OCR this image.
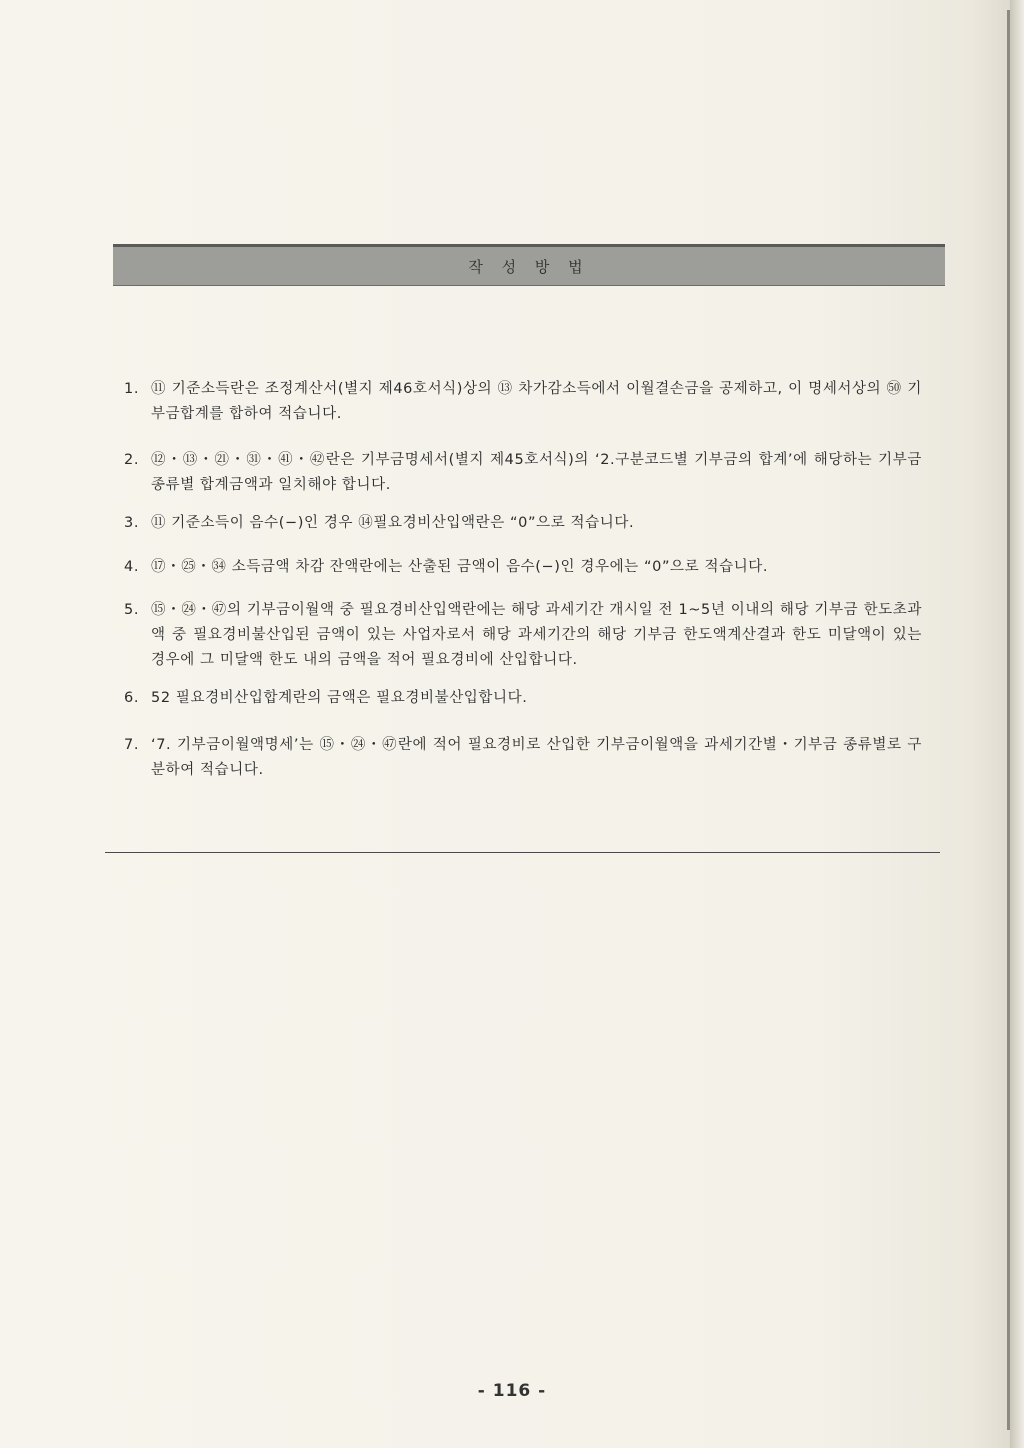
작 성 방 법
1. ⑪ 기준소득란은 조정계산서(별지 제46호서식)상의 ⑬ 차가감소득에서 이월결손금을 공제하고, 이 명세서상의 ㊿ 기부금합계를 합하여 적습니다.
2. ⑫・⑬・㉑・㉛・㊶・㊷란은 기부금명세서(별지 제45호서식)의 ‘2.구분코드별 기부금의 합계’에 해당하는 기부금종류별 합계금액과 일치해야 합니다.
3. ⑪ 기준소득이 음수(−)인 경우 ⑭필요경비산입액란은 “0”으로 적습니다.
4. ⑰・㉕・㉞ 소득금액 차감 잔액란에는 산출된 금액이 음수(−)인 경우에는 “0”으로 적습니다.
5. ⑮・㉔・㊼의 기부금이월액 중 필요경비산입액란에는 해당 과세기간 개시일 전 1~5년 이내의 해당 기부금 한도초과액 중 필요경비불산입된 금액이 있는 사업자로서 해당 과세기간의 해당 기부금 한도액계산결과 한도 미달액이 있는 경우에 그 미달액 한도 내의 금액을 적어 필요경비에 산입합니다.
6. 52 필요경비산입합계란의 금액은 필요경비불산입합니다.
7. ‘7. 기부금이월액명세’는 ⑮・㉔・㊼란에 적어 필요경비로 산입한 기부금이월액을 과세기간별・기부금 종류별로 구분하여 적습니다.
- 116 -
